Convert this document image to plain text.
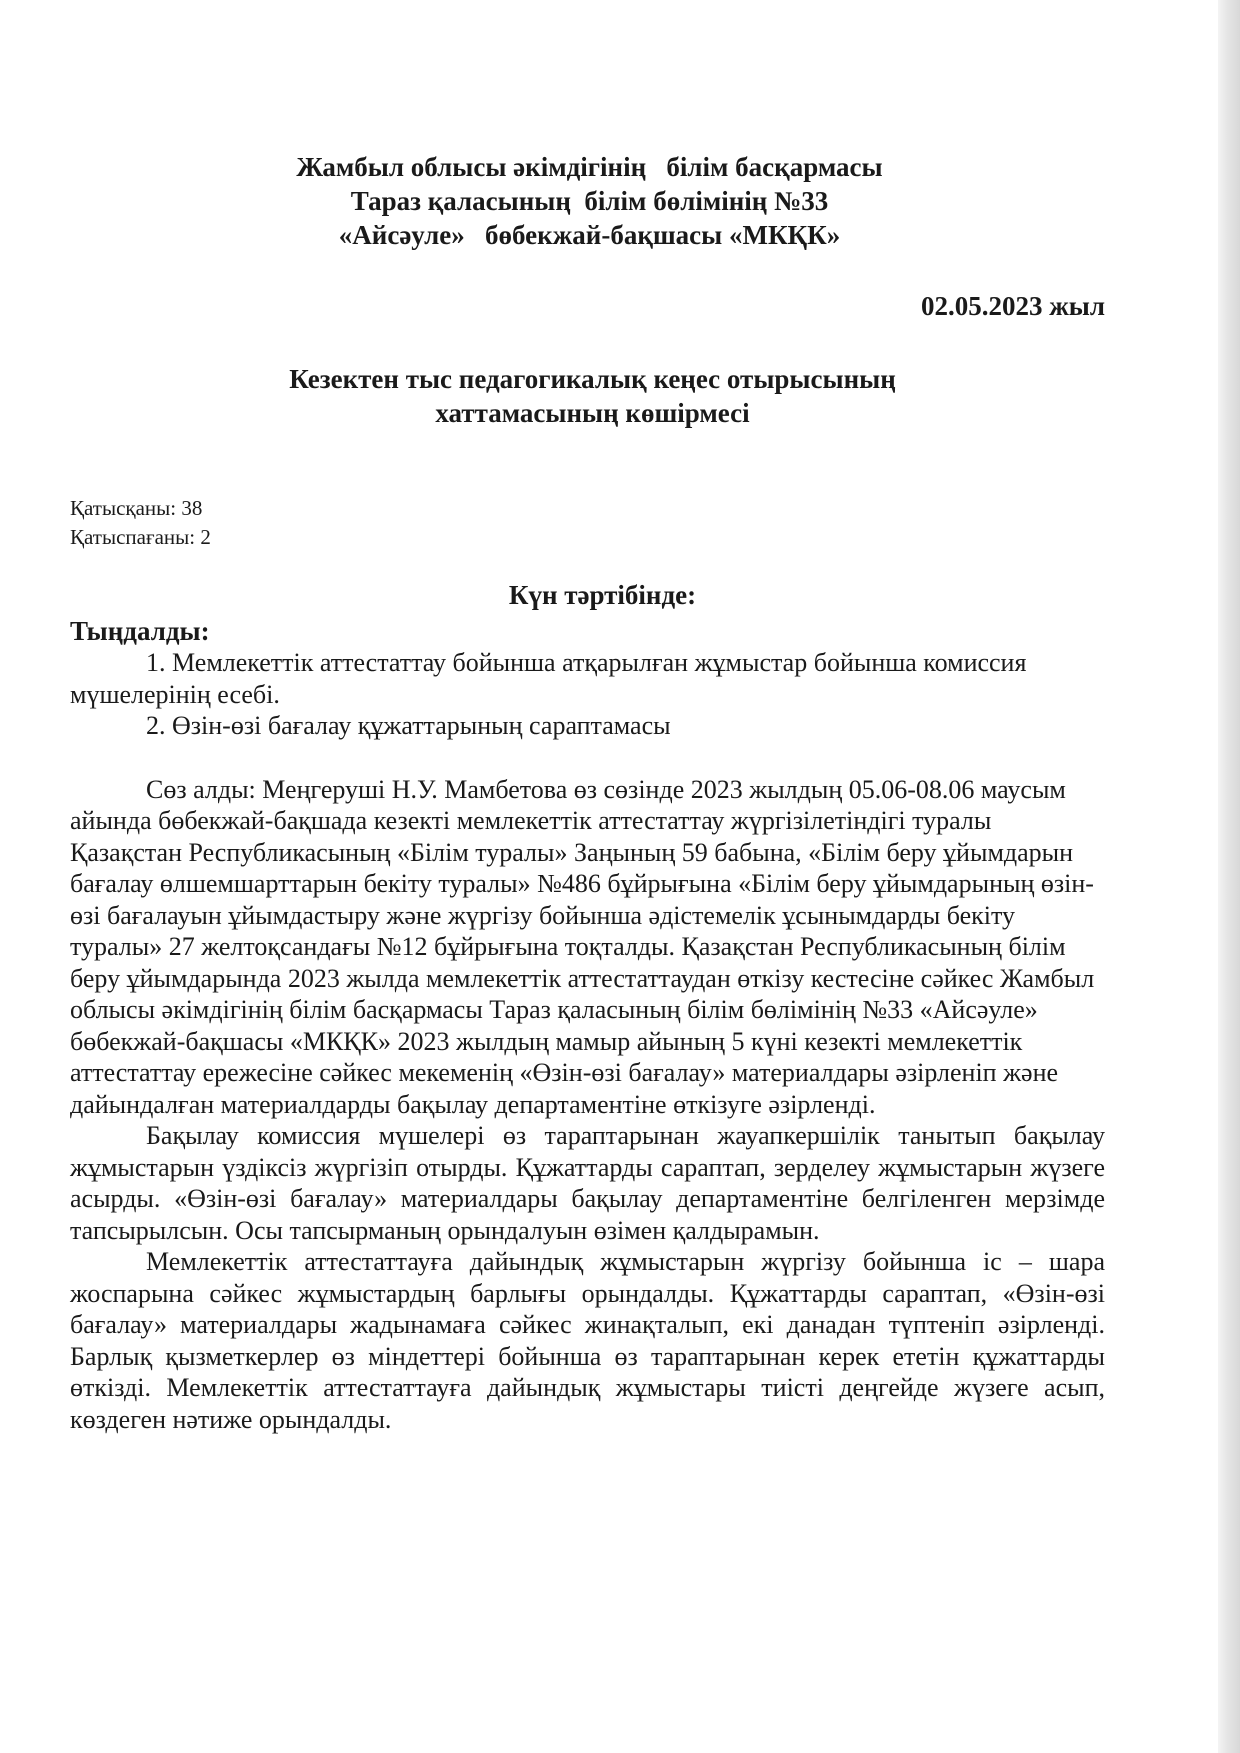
Жамбыл облысы әкімдігінің   білім басқармасы
Тараз қаласының  білім бөлімінің №33
«Айсәуле»   бөбекжай-бақшасы «МКҚК»
02.05.2023 жыл
Кезектен тыс педагогикалық кеңес отырысының
хаттамасының көшірмесі
Қатысқаны: 38
Қатыспағаны: 2
Күн тәртібінде:
Тыңдалды:
1. Мемлекеттік аттестаттау бойынша атқарылған жұмыстар бойынша комиссия мүшелерінің есебі.
2. Өзін-өзі бағалау құжаттарының сараптамасы

Сөз алды: Меңгеруші Н.У. Мамбетова өз сөзінде 2023 жылдың 05.06-08.06 маусым айында бөбекжай-бақшада кезекті мемлекеттік аттестаттау жүргізілетіндігі туралы Қазақстан Республикасының «Білім туралы» Заңының 59 бабына, «Білім беру ұйымдарын бағалау өлшемшарттарын бекіту туралы» №486 бұйрығына «Білім беру ұйымдарының өзін-өзі бағалауын ұйымдастыру және жүргізу бойынша әдістемелік ұсынымдарды бекіту туралы» 27 желтоқсандағы №12 бұйрығына тоқталды. Қазақстан Республикасының білім беру ұйымдарында 2023 жылда мемлекеттік аттестаттаудан өткізу кестесіне сәйкес Жамбыл облысы әкімдігінің білім басқармасы Тараз қаласының білім бөлімінің №33 «Айсәуле» бөбекжай-бақшасы «МКҚК» 2023 жылдың мамыр айының 5 күні кезекті мемлекеттік аттестаттау ережесіне сәйкес мекеменің «Өзін-өзі бағалау» материалдары әзірленіп және дайындалған материалдарды бақылау департаментіне өткізуге әзірленді.

Бақылау комиссия мүшелері өз тараптарынан жауапкершілік танытып бақылау жұмыстарын үздіксіз жүргізіп отырды. Құжаттарды сараптап, зерделеу жұмыстарын жүзеге асырды. «Өзін-өзі бағалау» материалдары бақылау департаментіне белгіленген мерзімде тапсырылсын. Осы тапсырманың орындалуын өзімен қалдырамын.

Мемлекеттік аттестаттауға дайындық жұмыстарын жүргізу бойынша іс – шара жоспарына сәйкес жұмыстардың барлығы орындалды. Құжаттарды сараптап, «Өзін-өзі бағалау» материалдары жадынамаға сәйкес жинақталып, екі данадан түптеніп әзірленді. Барлық қызметкерлер өз міндеттері бойынша өз тараптарынан керек ететін құжаттарды өткізді. Мемлекеттік аттестаттауға дайындық жұмыстары тиісті деңгейде жүзеге асып, көздеген нәтиже орындалды.
